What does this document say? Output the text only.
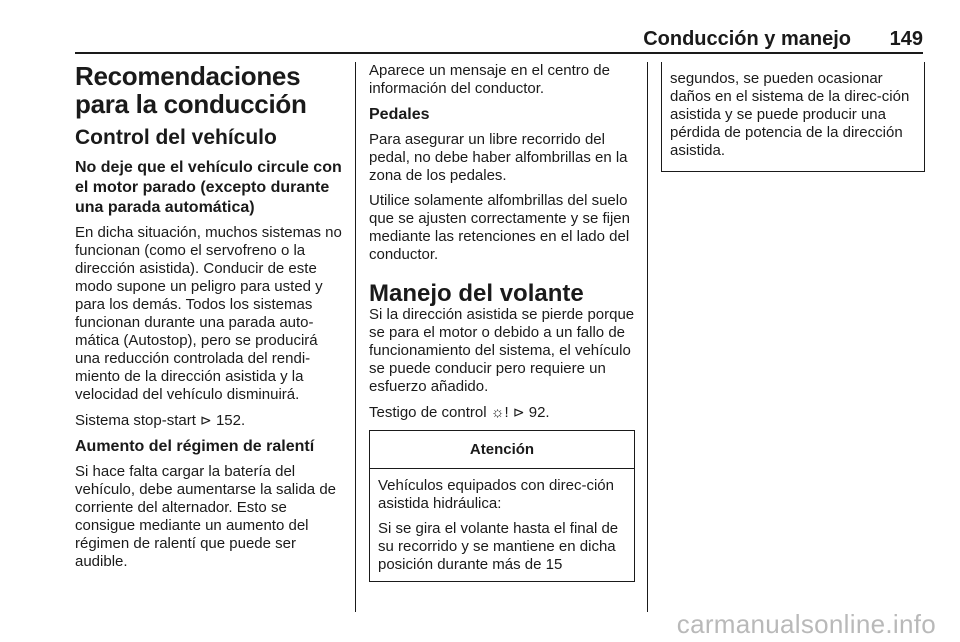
Conducción y manejo 149
Recomendaciones para la conducción
Control del vehículo
No deje que el vehículo circule con el motor parado (excepto durante una parada automática)

En dicha situación, muchos sistemas no funcionan (como el servofreno o la dirección asistida). Conducir de este modo supone un peligro para usted y para los demás. Todos los sistemas funcionan durante una parada auto-mática (Autostop), pero se producirá una reducción controlada del rendi-miento de la dirección asistida y la velocidad del vehículo disminuirá.

Sistema stop-start ⊳ 152.

Aumento del régimen de ralentí

Si hace falta cargar la batería del vehículo, debe aumentarse la salida de corriente del alternador. Esto se consigue mediante un aumento del régimen de ralentí que puede ser audible.

Aparece un mensaje en el centro de información del conductor.

Pedales

Para asegurar un libre recorrido del pedal, no debe haber alfombrillas en la zona de los pedales.

Utilice solamente alfombrillas del suelo que se ajusten correctamente y se fijen mediante las retenciones en el lado del conductor.

Manejo del volante

Si la dirección asistida se pierde porque se para el motor o debido a un fallo de funcionamiento del sistema, el vehículo se puede conducir pero requiere un esfuerzo añadido.

Testigo de control ☼! ⊳ 92.

Atención

Vehículos equipados con direc-ción asistida hidráulica:

Si se gira el volante hasta el final de su recorrido y se mantiene en dicha posición durante más de 15

segundos, se pueden ocasionar daños en el sistema de la direc-ción asistida y se puede producir una pérdida de potencia de la dirección asistida.

carmanualsonline.info
